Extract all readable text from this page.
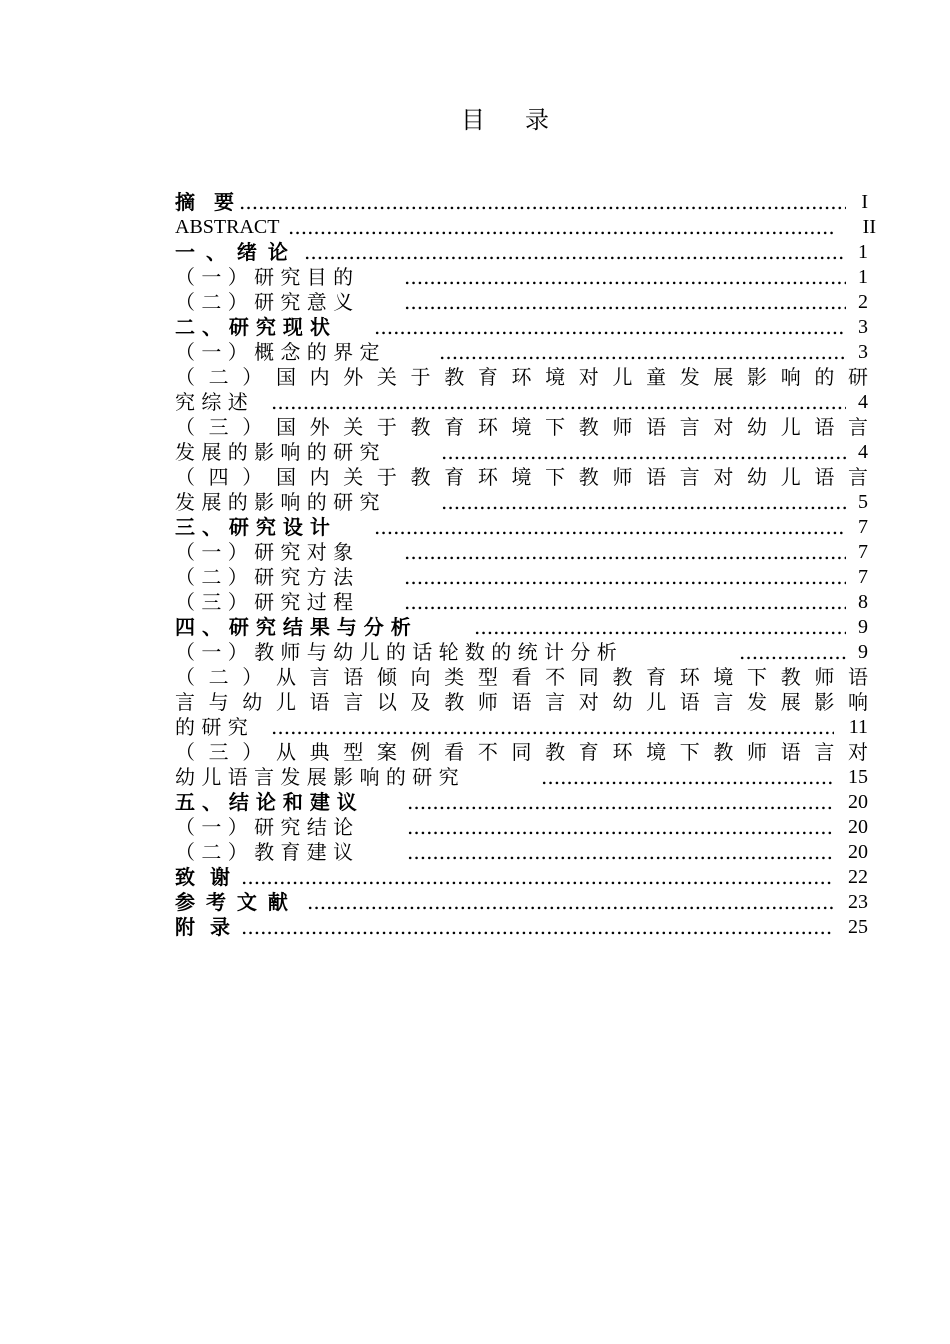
目 录
摘 要 .....	I
ABSTRACT .....	II
一 、 绪 论 .....	1
（ 一 ） 研 究 目 的 .....	1
（ 二 ） 研 究 意 义 .....	2
二 、 研 究 现 状 .....	3
（ 一 ） 概 念 的 界 定 .....	3
（ 二 ） 国 内 外 关 于 教 育 环 境 对 儿 童 发 展 影 响 的 研
究 综 述 .....	4
（ 三 ） 国 外 关 于 教 育 环 境 下 教 师 语 言 对 幼 儿 语 言
发 展 的 影 响 的 研 究 .....	4
（ 四 ） 国 内 关 于 教 育 环 境 下 教 师 语 言 对 幼 儿 语 言
发 展 的 影 响 的 研 究 .....	5
三 、 研 究 设 计 .....	7
（ 一 ） 研 究 对 象 .....	7
（ 二 ） 研 究 方 法 .....	7
（ 三 ） 研 究 过 程 .....	8
四 、 研 究 结 果 与 分 析 .....	9
（ 一 ） 教 师 与 幼 儿 的 话 轮 数 的 统 计 分 析 .....	9
（ 二 ） 从 言 语 倾 向 类 型 看 不 同 教 育 环 境 下 教 师 语
言 与 幼 儿 语 言 以 及 教 师 语 言 对 幼 儿 语 言 发 展 影 响
的 研 究 .....	11
（ 三 ） 从 典 型 案 例 看 不 同 教 育 环 境 下 教 师 语 言 对
幼 儿 语 言 发 展 影 响 的 研 究 .....	15
五 、 结 论 和 建 议 .....	20
（ 一 ） 研 究 结 论 .....	20
（ 二 ） 教 育 建 议 .....	20
致 谢 .....	22
参 考 文 献 .....	23
附 录 .....	25
